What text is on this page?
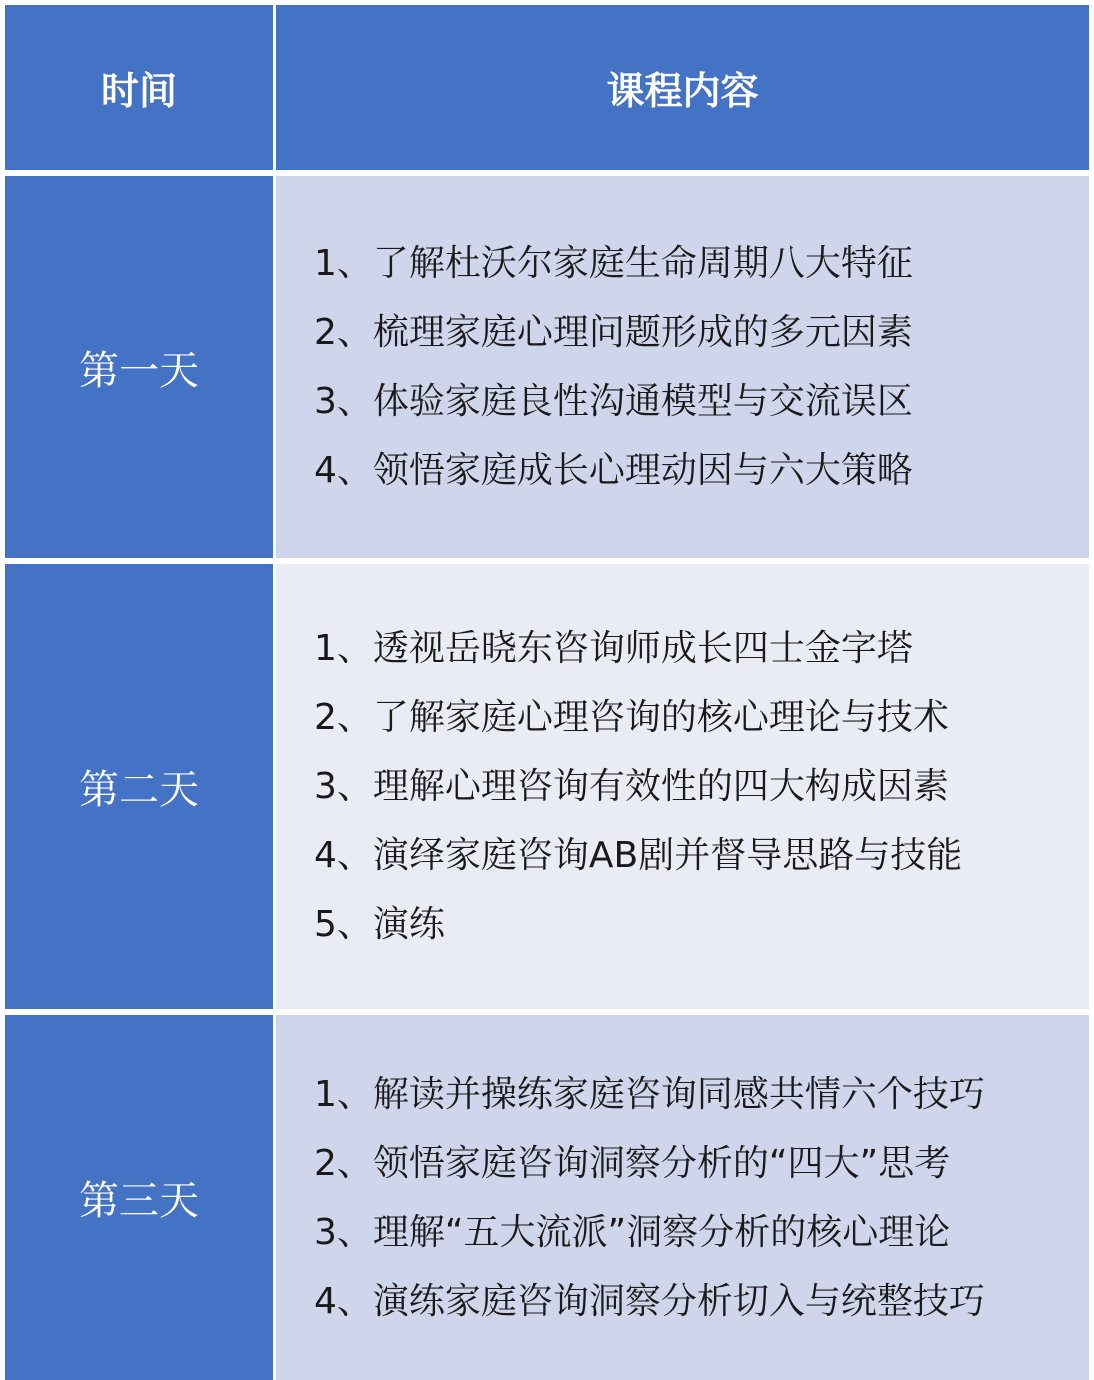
时间	课程内容
第一天
1、了解杜沃尔家庭生命周期八大特征
2、梳理家庭心理问题形成的多元因素
3、体验家庭良性沟通模型与交流误区
4、领悟家庭成长心理动因与六大策略
第二天
1、透视岳晓东咨询师成长四士金字塔
2、了解家庭心理咨询的核心理论与技术
3、理解心理咨询有效性的四大构成因素
4、演绎家庭咨询AB剧并督导思路与技能
5、演练
第三天
1、解读并操练家庭咨询同感共情六个技巧
2、领悟家庭咨询洞察分析的“四大”思考
3、理解“五大流派”洞察分析的核心理论
4、演练家庭咨询洞察分析切入与统整技巧
